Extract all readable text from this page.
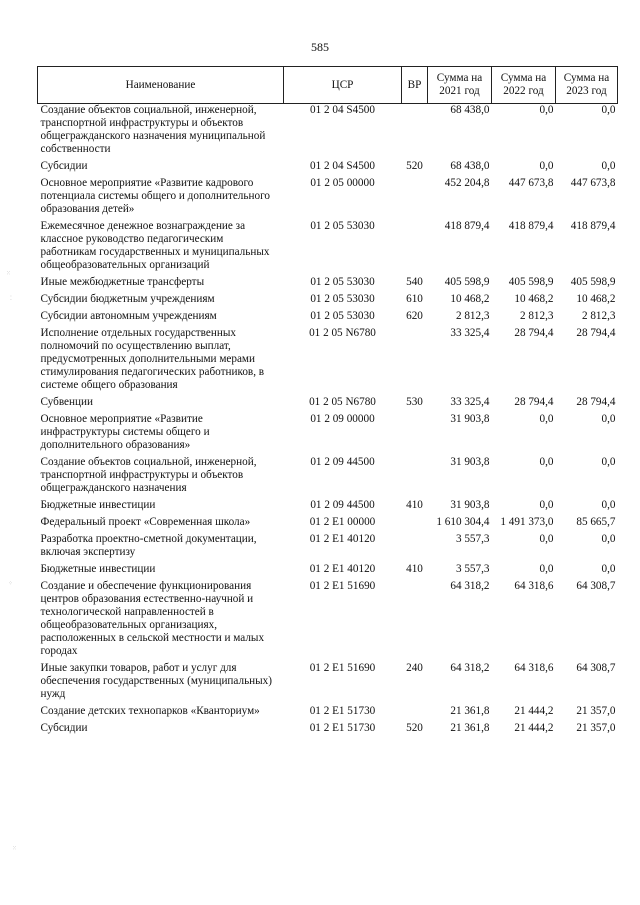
585
Наименование	ЦСР	ВР	Сумма на 2021 год	Сумма на 2022 год	Сумма на 2023 год
Создание объектов социальной, инженерной, транспортной инфраструктуры и объектов общегражданского назначения муниципальной собственности	01 2 04 S4500		68 438,0	0,0	0,0
Субсидии	01 2 04 S4500	520	68 438,0	0,0	0,0
Основное мероприятие «Развитие кадрового потенциала системы общего и дополнительного образования детей»	01 2 05 00000		452 204,8	447 673,8	447 673,8
Ежемесячное денежное вознаграждение за классное руководство педагогическим работникам государственных и муниципальных общеобразовательных организаций	01 2 05 53030		418 879,4	418 879,4	418 879,4
Иные межбюджетные трансферты	01 2 05 53030	540	405 598,9	405 598,9	405 598,9
Субсидии бюджетным учреждениям	01 2 05 53030	610	10 468,2	10 468,2	10 468,2
Субсидии автономным учреждениям	01 2 05 53030	620	2 812,3	2 812,3	2 812,3
Исполнение отдельных государственных полномочий по осуществлению выплат, предусмотренных дополнительными мерами стимулирования педагогических работников, в системе общего образования	01 2 05 N6780		33 325,4	28 794,4	28 794,4
Субвенции	01 2 05 N6780	530	33 325,4	28 794,4	28 794,4
Основное мероприятие «Развитие инфраструктуры системы общего и дополнительного образования»	01 2 09 00000		31 903,8	0,0	0,0
Создание объектов социальной, инженерной, транспортной инфраструктуры и объектов общегражданского назначения	01 2 09 44500		31 903,8	0,0	0,0
Бюджетные инвестиции	01 2 09 44500	410	31 903,8	0,0	0,0
Федеральный проект «Современная школа»	01 2 E1 00000		1 610 304,4	1 491 373,0	85 665,7
Разработка проектно-сметной документации, включая экспертизу	01 2 E1 40120		3 557,3	0,0	0,0
Бюджетные инвестиции	01 2 E1 40120	410	3 557,3	0,0	0,0
Создание и обеспечение функционирования центров образования естественно-научной и технологической направленностей в общеобразовательных организациях, расположенных в сельской местности и малых городах	01 2 E1 51690		64 318,2	64 318,6	64 308,7
Иные закупки товаров, работ и услуг для обеспечения государственных (муниципальных) нужд	01 2 E1 51690	240	64 318,2	64 318,6	64 308,7
Создание детских технопарков «Кванториум»	01 2 E1 51730		21 361,8	21 444,2	21 357,0
Субсидии	01 2 E1 51730	520	21 361,8	21 444,2	21 357,0
⁙
⁚
⁘
⁙
